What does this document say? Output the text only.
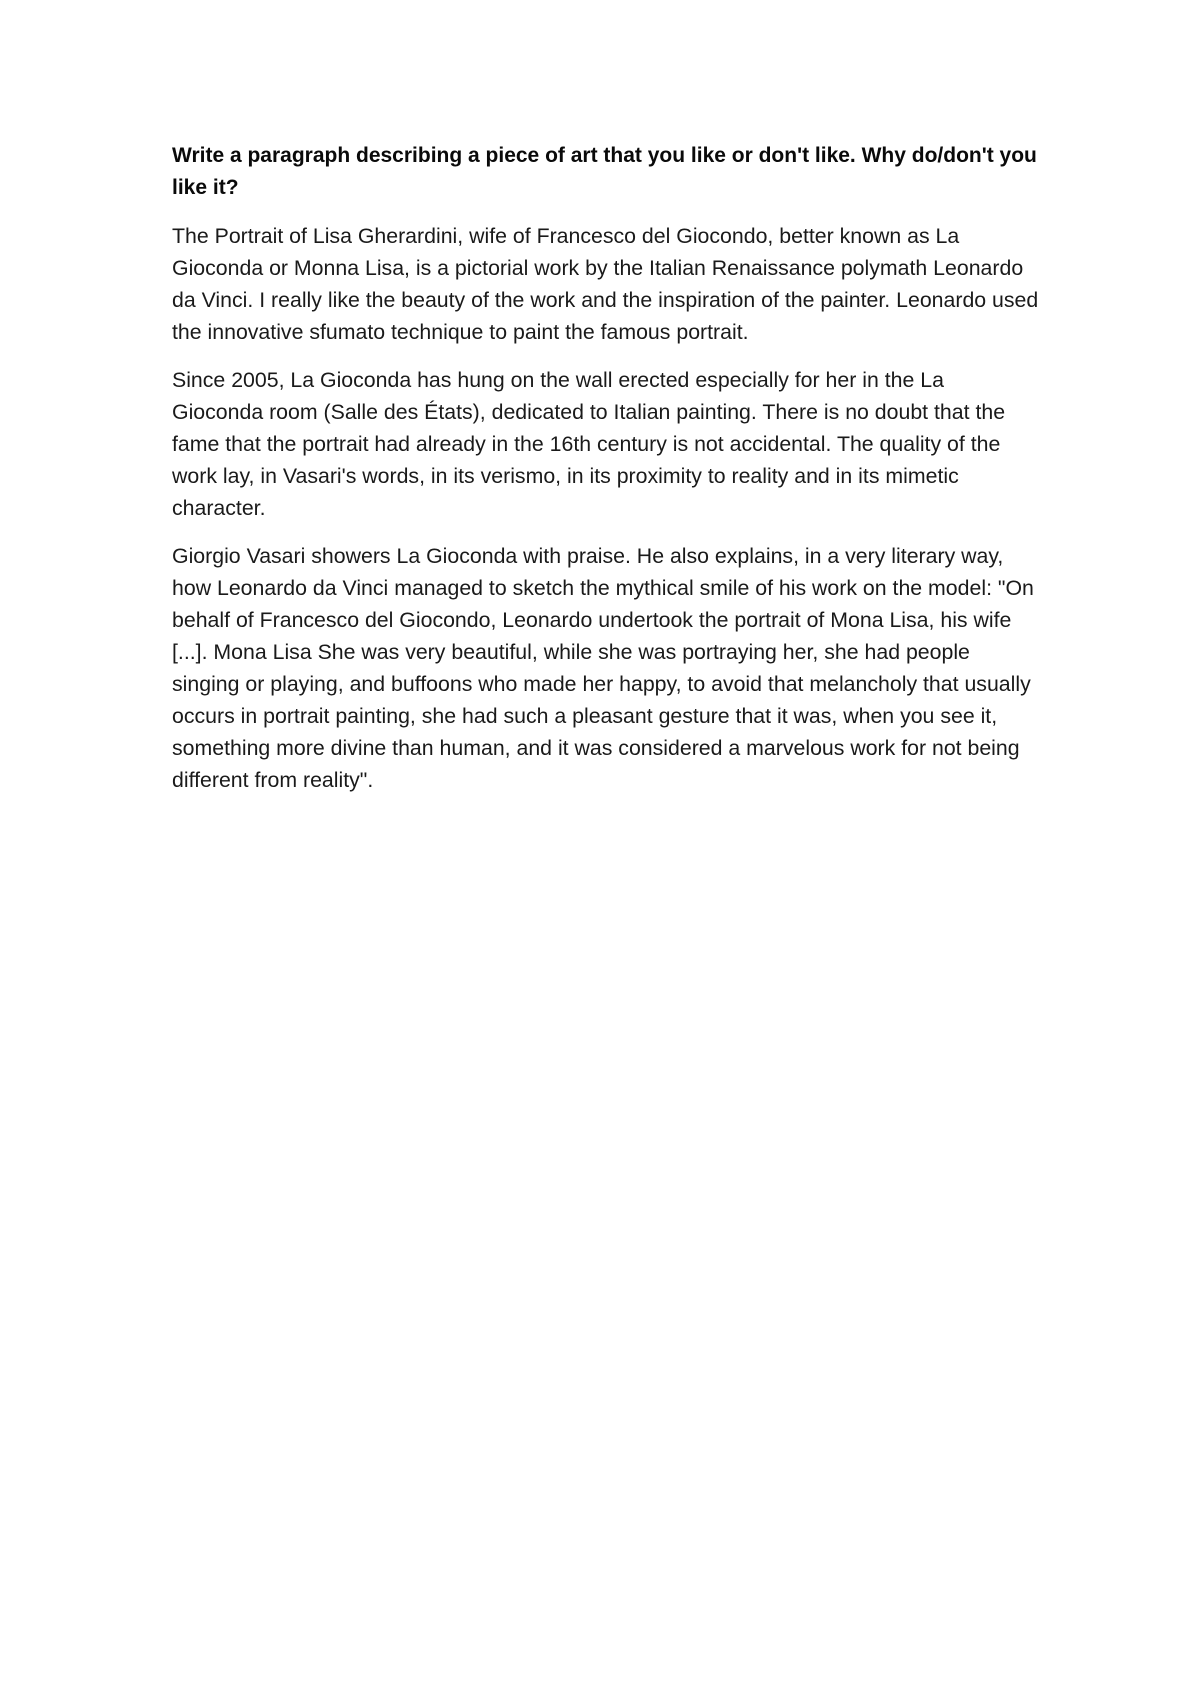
Write a paragraph describing a piece of art that you like or don't like. Why do/don't you like it?

The Portrait of Lisa Gherardini, wife of Francesco del Giocondo, better known as La Gioconda or Monna Lisa, is a pictorial work by the Italian Renaissance polymath Leonardo da Vinci. I really like the beauty of the work and the inspiration of the painter. Leonardo used the innovative sfumato technique to paint the famous portrait.

Since 2005, La Gioconda has hung on the wall erected especially for her in the La Gioconda room (Salle des États), dedicated to Italian painting. There is no doubt that the fame that the portrait had already in the 16th century is not accidental. The quality of the work lay, in Vasari's words, in its verismo, in its proximity to reality and in its mimetic character.

Giorgio Vasari showers La Gioconda with praise. He also explains, in a very literary way, how Leonardo da Vinci managed to sketch the mythical smile of his work on the model: "On behalf of Francesco del Giocondo, Leonardo undertook the portrait of Mona Lisa, his wife [...]. Mona Lisa She was very beautiful, while she was portraying her, she had people singing or playing, and buffoons who made her happy, to avoid that melancholy that usually occurs in portrait painting, she had such a pleasant gesture that it was, when you see it, something more divine than human, and it was considered a marvelous work for not being different from reality".
